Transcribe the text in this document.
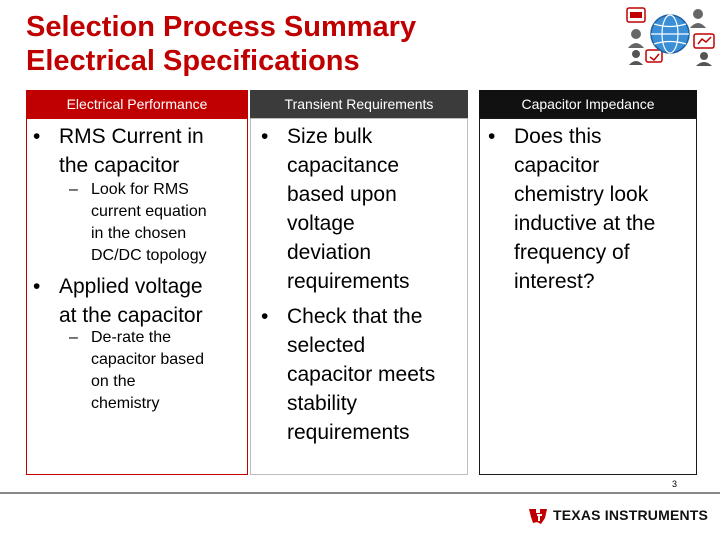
Selection Process Summary
Electrical Specifications
Electrical Performance	Transient Requirements	Capacitor Impedance
• RMS Current in
the capacitor
– Look for RMS
current equation
in the chosen
DC/DC topology
• Applied voltage
at the capacitor
– De-rate the
capacitor based
on the
chemistry
• Size bulk
capacitance
based upon
voltage
deviation
requirements
• Check that the
selected
capacitor meets
stability
requirements
• Does this
capacitor
chemistry look
inductive at the
frequency of
interest?
3
TEXAS INSTRUMENTS
